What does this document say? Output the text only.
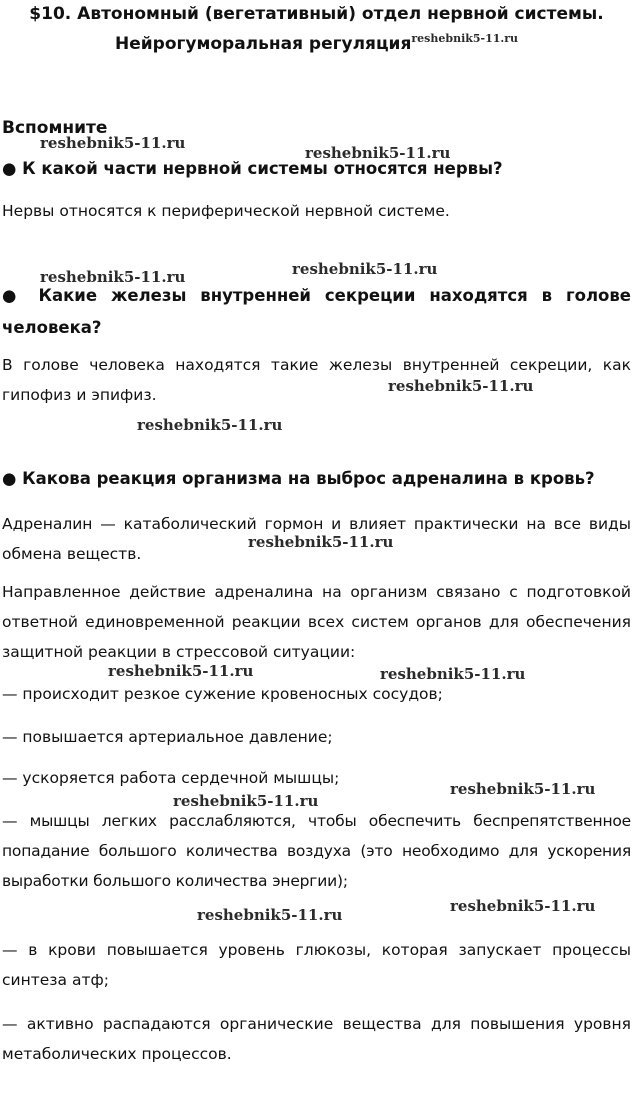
$10. Автономный (вегетативный) отдел нервной системы.
Нейрогуморальная регуляция$^{reshebnik5-11.ru}$
Вспомните
reshebnik5-11.ru
reshebnik5-11.ru
● К какой части нервной системы относятся нервы?
Нервы относятся к периферической нервной системе.
reshebnik5-11.ru	reshebnik5-11.ru
● Какие железы внутренней секреции находятся в голове человека?
В голове человека находятся такие железы внутренней секреции, как гипофиз и эпифиз.	reshebnik5-11.ru
reshebnik5-11.ru
● Какова реакция организма на выброс адреналина в кровь?
Адреналин — катаболический гормон и влияет практически на все виды обмена веществ.
reshebnik5-11.ru
Направленное действие адреналина на организм связано с подготовкой ответной единовременной реакции всех систем органов для обеспечения защитной реакции в стрессовой ситуации:
reshebnik5-11.ru	reshebnik5-11.ru
— происходит резкое сужение кровеносных сосудов;
— повышается артериальное давление;
— ускоряется работа сердечной мышцы;
reshebnik5-11.ru
reshebnik5-11.ru
— мышцы легких расслабляются, чтобы обеспечить беспрепятственное попадание большого количества воздуха (это необходимо для ускорения выработки большого количества энергии);
reshebnik5-11.ru	reshebnik5-11.ru
— в крови повышается уровень глюкозы, которая запускает процессы синтеза атф;
— активно распадаются органические вещества для повышения уровня метаболических процессов.
